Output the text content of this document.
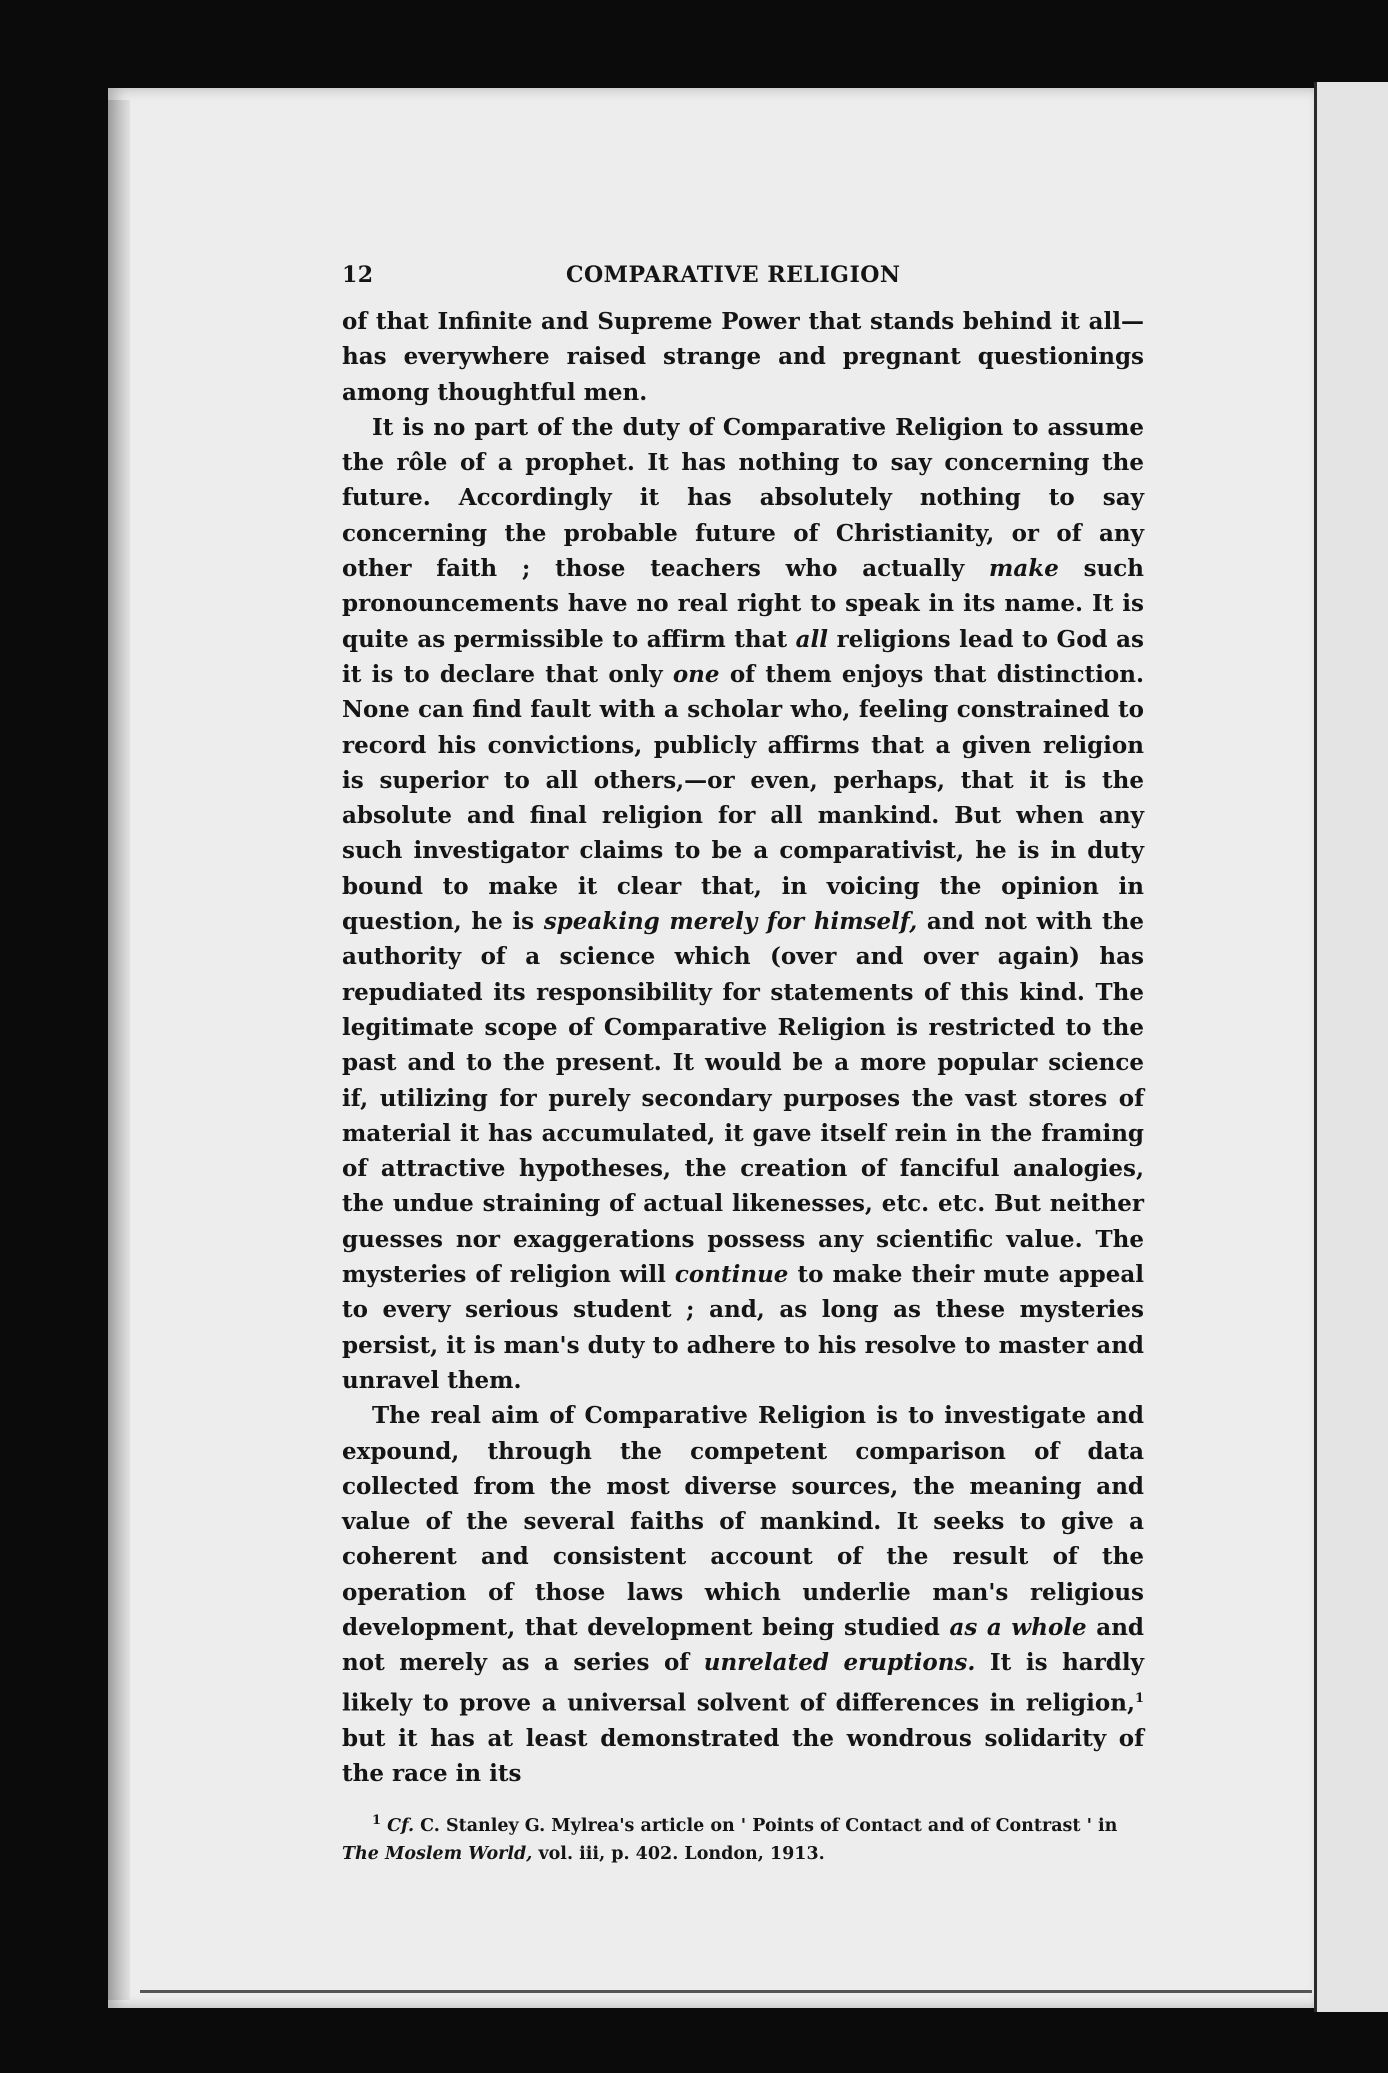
12	COMPARATIVE RELIGION

of that Infinite and Supreme Power that stands behind it all—has everywhere raised strange and pregnant questionings among thoughtful men.

It is no part of the duty of Comparative Religion to assume the rôle of a prophet. It has nothing to say concerning the future. Accordingly it has absolutely nothing to say concerning the probable future of Christianity, or of any other faith ; those teachers who actually make such pronouncements have no real right to speak in its name. It is quite as permissible to affirm that all religions lead to God as it is to declare that only one of them enjoys that distinction. None can find fault with a scholar who, feeling constrained to record his convictions, publicly affirms that a given religion is superior to all others,—or even, perhaps, that it is the absolute and final religion for all mankind. But when any such investigator claims to be a comparativist, he is in duty bound to make it clear that, in voicing the opinion in question, he is speaking merely for himself, and not with the authority of a science which (over and over again) has repudiated its responsibility for statements of this kind. The legitimate scope of Comparative Religion is restricted to the past and to the present. It would be a more popular science if, utilizing for purely secondary purposes the vast stores of material it has accumulated, it gave itself rein in the framing of attractive hypotheses, the creation of fanciful analogies, the undue straining of actual likenesses, etc. etc. But neither guesses nor exaggerations possess any scientific value. The mysteries of religion will continue to make their mute appeal to every serious student ; and, as long as these mysteries persist, it is man's duty to adhere to his resolve to master and unravel them.

The real aim of Comparative Religion is to investigate and expound, through the competent comparison of data collected from the most diverse sources, the meaning and value of the several faiths of mankind. It seeks to give a coherent and consistent account of the result of the operation of those laws which underlie man's religious development, that development being studied as a whole and not merely as a series of unrelated eruptions. It is hardly likely to prove a universal solvent of differences in religion,$^1$ but it has at least demonstrated the wondrous solidarity of the race in its

$^1$ Cf. C. Stanley G. Mylrea's article on ' Points of Contact and of Contrast ' in The Moslem World, vol. iii, p. 402. London, 1913.
